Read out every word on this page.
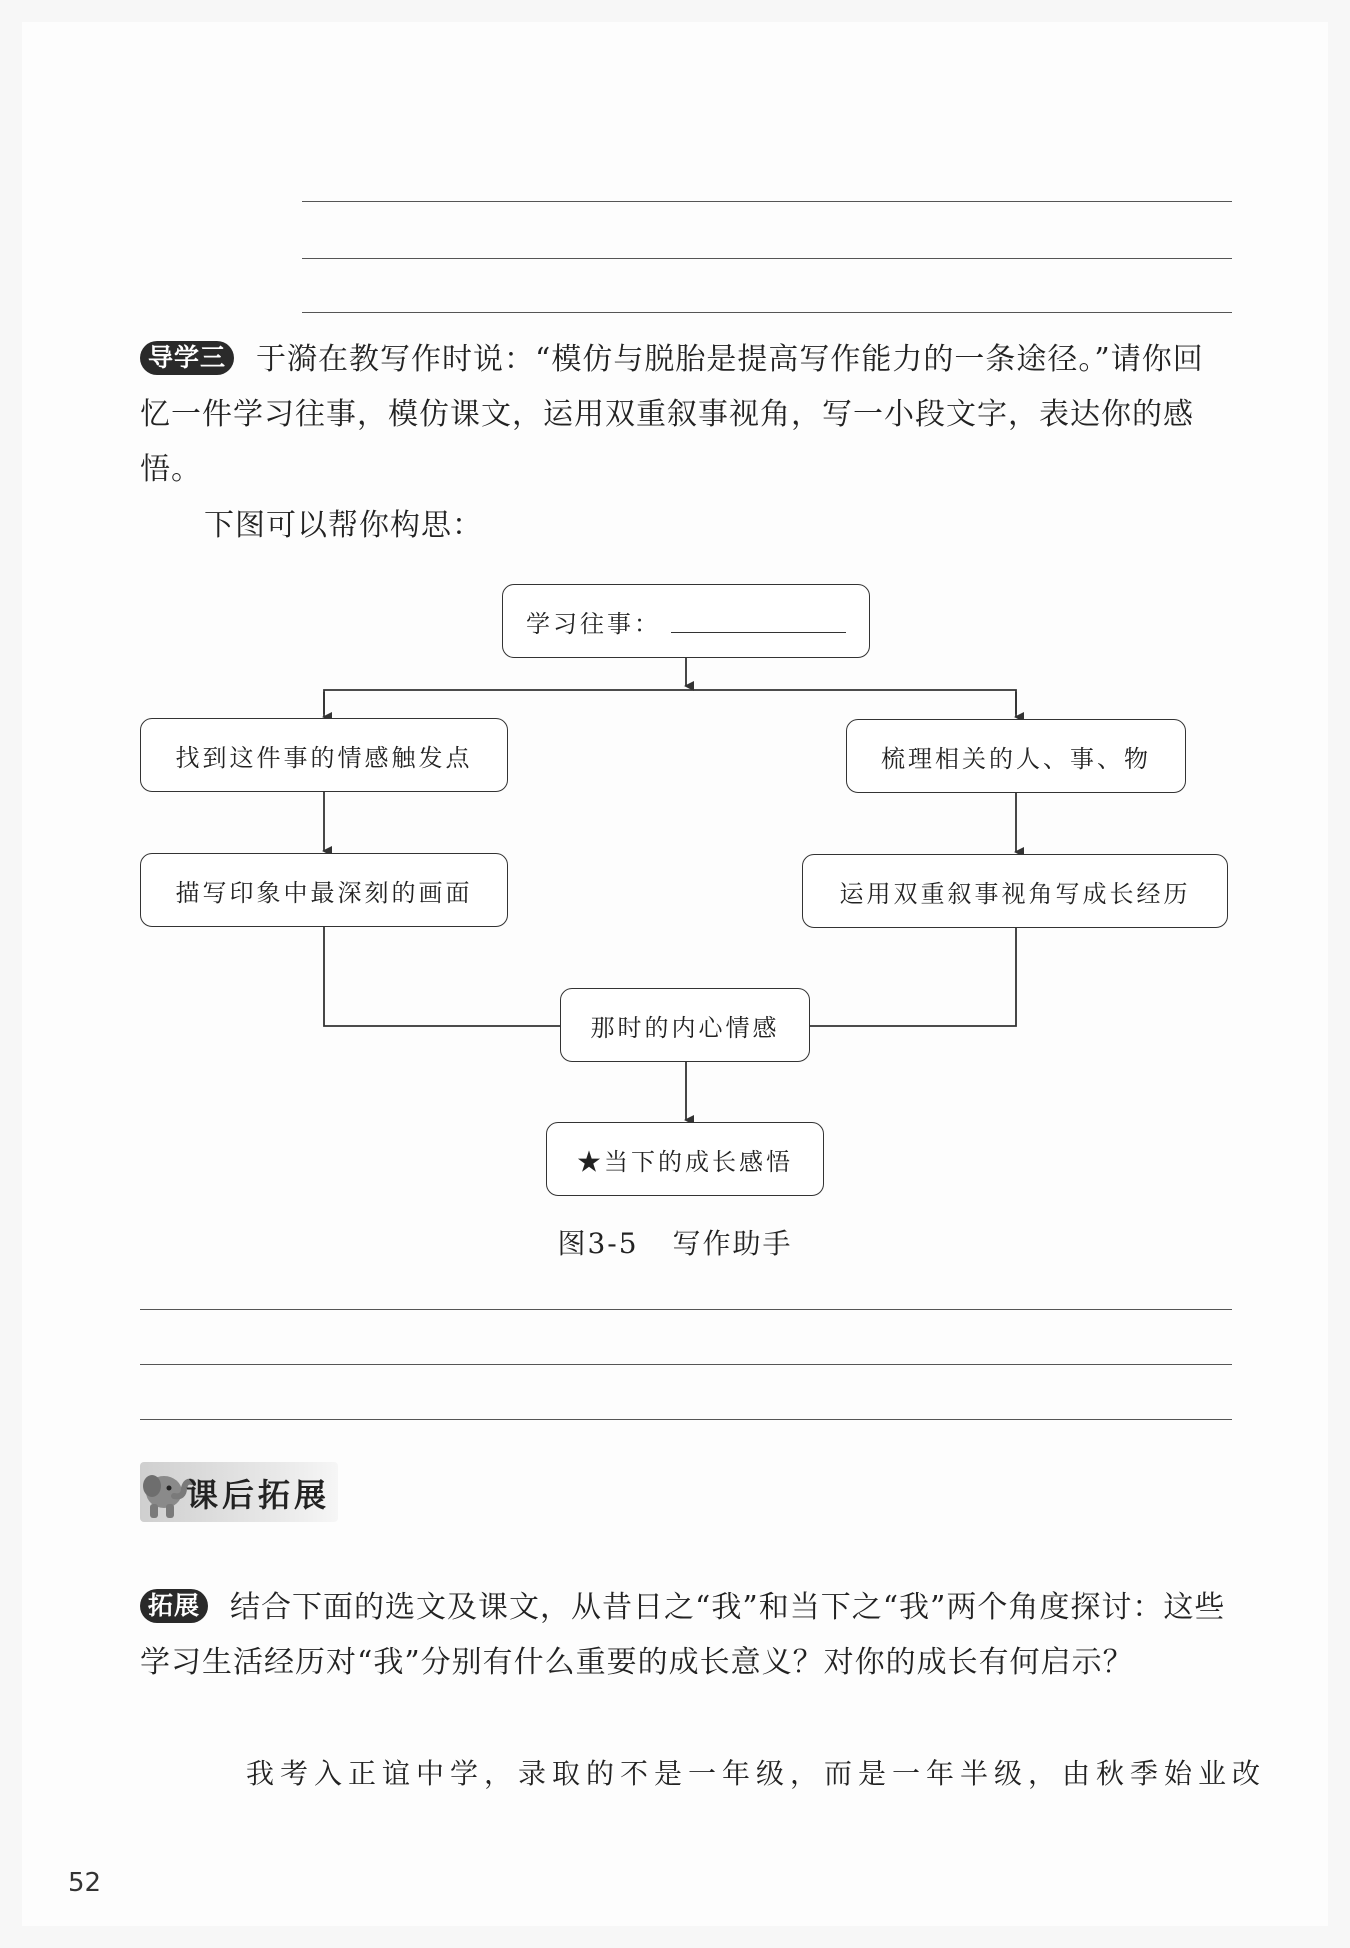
导学三 于漪在教写作时说：“模仿与脱胎是提高写作能力的一条途径。”请你回忆一件学习往事，模仿课文，运用双重叙事视角，写一小段文字，表达你的感悟。

下图可以帮你构思：

学习往事：
找到这件事的情感触发点	梳理相关的人、事、物
描写印象中最深刻的画面	运用双重叙事视角写成长经历
那时的内心情感
★当下的成长感悟
图3-5 写作助手
课后拓展

拓展 结合下面的选文及课文，从昔日之“我”和当下之“我”两个角度探讨：这些学习生活经历对“我”分别有什么重要的成长意义？对你的成长有何启示？

我考入正谊中学，录取的不是一年级，而是一年半级，由秋季始业改
52
